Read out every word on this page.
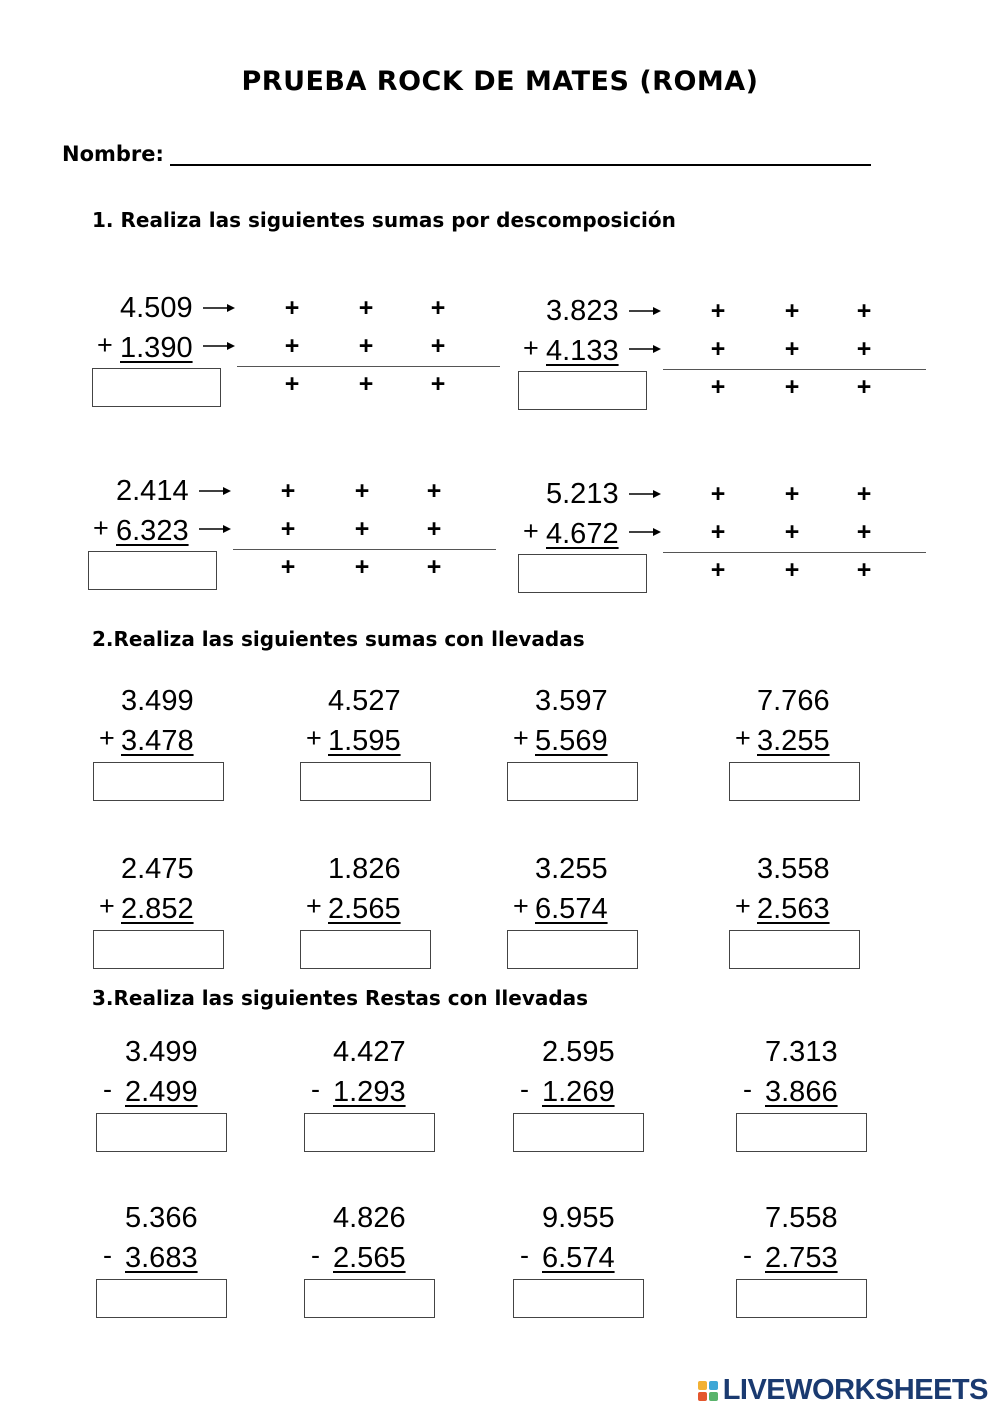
PRUEBA ROCK DE MATES (ROMA)
Nombre:
1. Realiza las siguientes sumas por descomposición
2.Realiza las siguientes sumas con llevadas
3.Realiza las siguientes Restas con llevadas
4.509
+ 1.390
+ + +
+ + +
+ + +
3.823
+ 4.133
+ + +
+ + +
+ + +
2.414
+ 6.323
+ + +
+ + +
+ + +
5.213
+ 4.672
+ + +
+ + +
+ + +
3.499
+ 3.478
4.527
+ 1.595
3.597
+ 5.569
7.766
+ 3.255
2.475
+ 2.852
1.826
+ 2.565
3.255
+ 6.574
3.558
+ 2.563
3.499
- 2.499
4.427
- 1.293
2.595
- 1.269
7.313
- 3.866
5.366
- 3.683
4.826
- 2.565
9.955
- 6.574
7.558
- 2.753
LIVEWORKSHEETS
